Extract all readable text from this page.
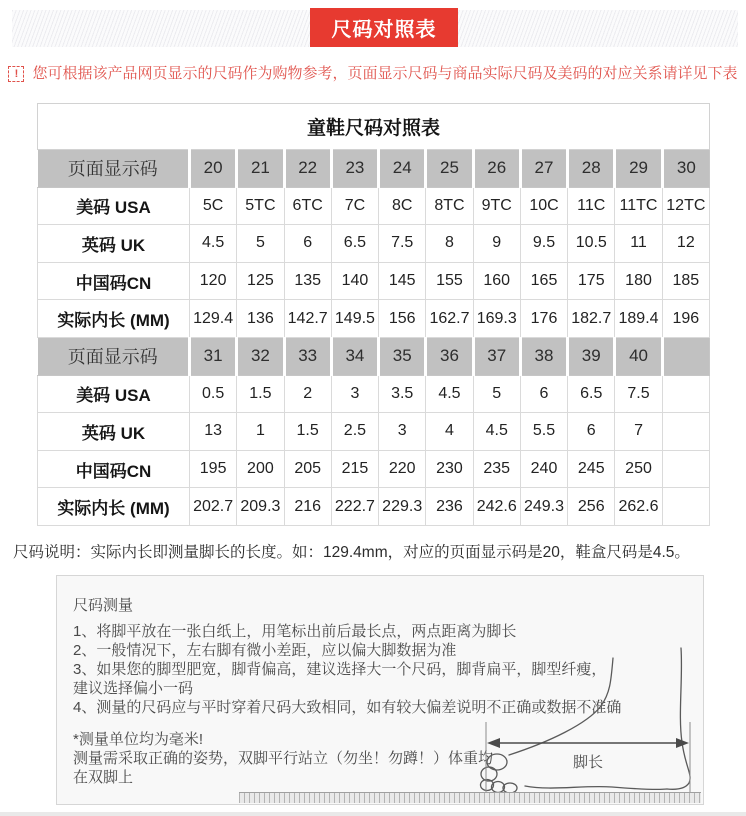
尺码对照表
! 您可根据该产品网页显示的尺码作为购物参考，页面显示尺码与商品实际尺码及美码的对应关系请详见下表
童鞋尺码对照表											
页面显示码	20	21	22	23	24	25	26	27	28	29	30
美码 USA	5C	5TC	6TC	7C	8C	8TC	9TC	10C	11C	11TC	12TC
英码 UK	4.5	5	6	6.5	7.5	8	9	9.5	10.5	11	12
中国码CN	120	125	135	140	145	155	160	165	175	180	185
实际内长 (MM)	129.4	136	142.7	149.5	156	162.7	169.3	176	182.7	189.4	196
页面显示码	31	32	33	34	35	36	37	38	39	40	
美码 USA	0.5	1.5	2	3	3.5	4.5	5	6	6.5	7.5	
英码 UK	13	1	1.5	2.5	3	4	4.5	5.5	6	7	
中国码CN	195	200	205	215	220	230	235	240	245	250	
实际内长 (MM)	202.7	209.3	216	222.7	229.3	236	242.6	249.3	256	262.6	
尺码说明：实际内长即测量脚长的长度。如：129.4mm，对应的页面显示码是20，鞋盒尺码是4.5。
尺码测量
1、将脚平放在一张白纸上，用笔标出前后最长点，两点距离为脚长
2、一般情况下，左右脚有微小差距，应以偏大脚数据为准
3、如果您的脚型肥宽，脚背偏高，建议选择大一个尺码，脚背扁平，脚型纤瘦，
建议选择偏小一码
4、测量的尺码应与平时穿着尺码大致相同，如有较大偏差说明不正确或数据不准确
*测量单位均为毫米!
测量需采取正确的姿势，双脚平行站立（勿坐！勿蹲！）体重均
在双脚上
脚长
